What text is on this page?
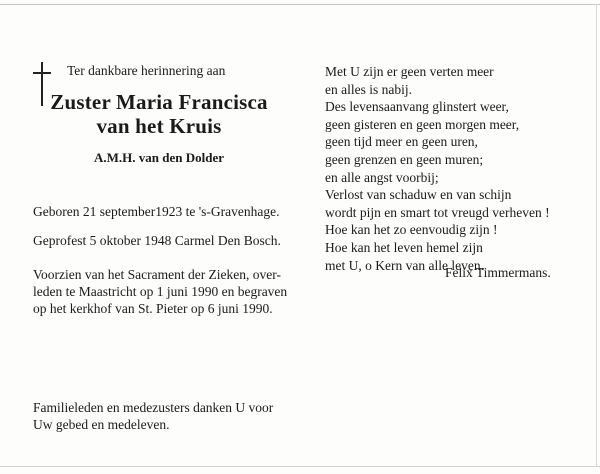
Ter dankbare herinnering aan
Zuster Maria Francisca
van het Kruis
A.M.H. van den Dolder
Geboren 21 september1923 te 's-Gravenhage.
Geprofest 5 oktober 1948 Carmel Den Bosch.
Voorzien van het Sacrament der Zieken, over-
leden te Maastricht op 1 juni 1990 en begraven
op het kerkhof van St. Pieter op 6 juni 1990.
Familieleden en medezusters danken U voor
Uw gebed en medeleven.
Met U zijn er geen verten meer
en alles is nabij.
Des levensaanvang glinstert weer,
geen gisteren en geen morgen meer,
geen tijd meer en geen uren,
geen grenzen en geen muren;
en alle angst voorbij;
Verlost van schaduw en van schijn
wordt pijn en smart tot vreugd verheven !
Hoe kan het zo eenvoudig zijn !
Hoe kan het leven hemel zijn
met U, o Kern van alle leven.
Felix Timmermans.
